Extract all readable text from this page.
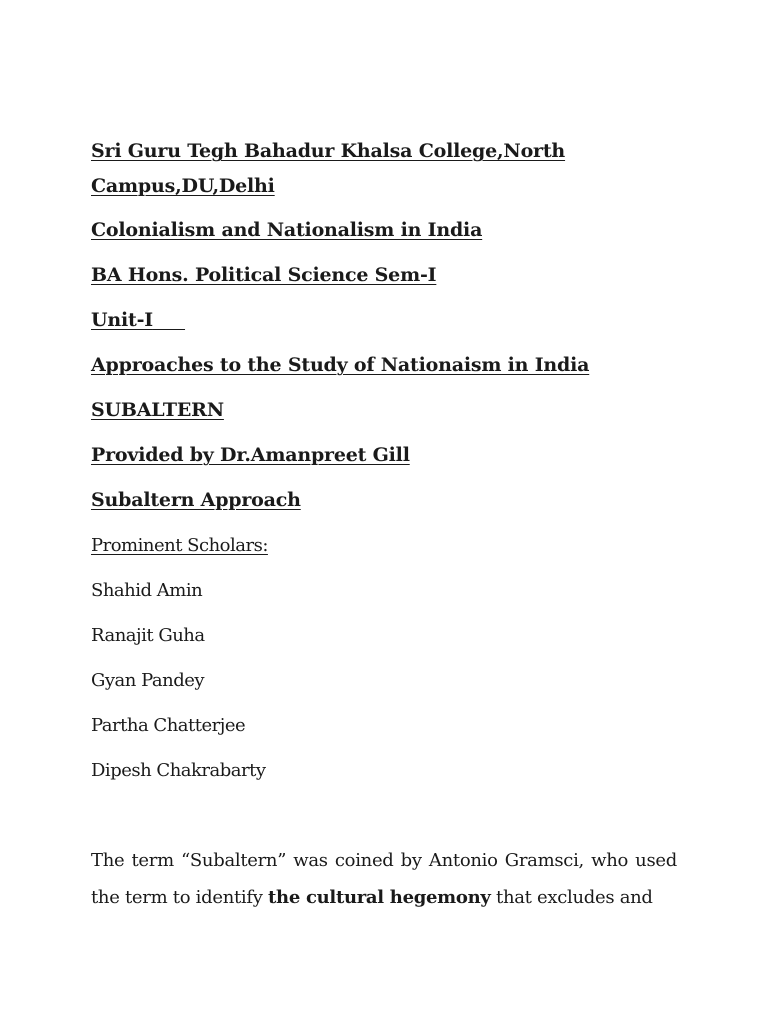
Sri Guru Tegh Bahadur Khalsa College,North Campus,DU,Delhi
Colonialism and Nationalism in India
BA Hons. Political Science Sem-I
Unit-I
Approaches to the Study of Nationaism in India
SUBALTERN
Provided by Dr.Amanpreet Gill
Subaltern Approach
Prominent Scholars:
Shahid Amin
Ranajit Guha
Gyan Pandey
Partha Chatterjee
Dipesh Chakrabarty
The term “Subaltern” was coined by Antonio Gramsci, who used the term to identify the cultural hegemony that excludes and
